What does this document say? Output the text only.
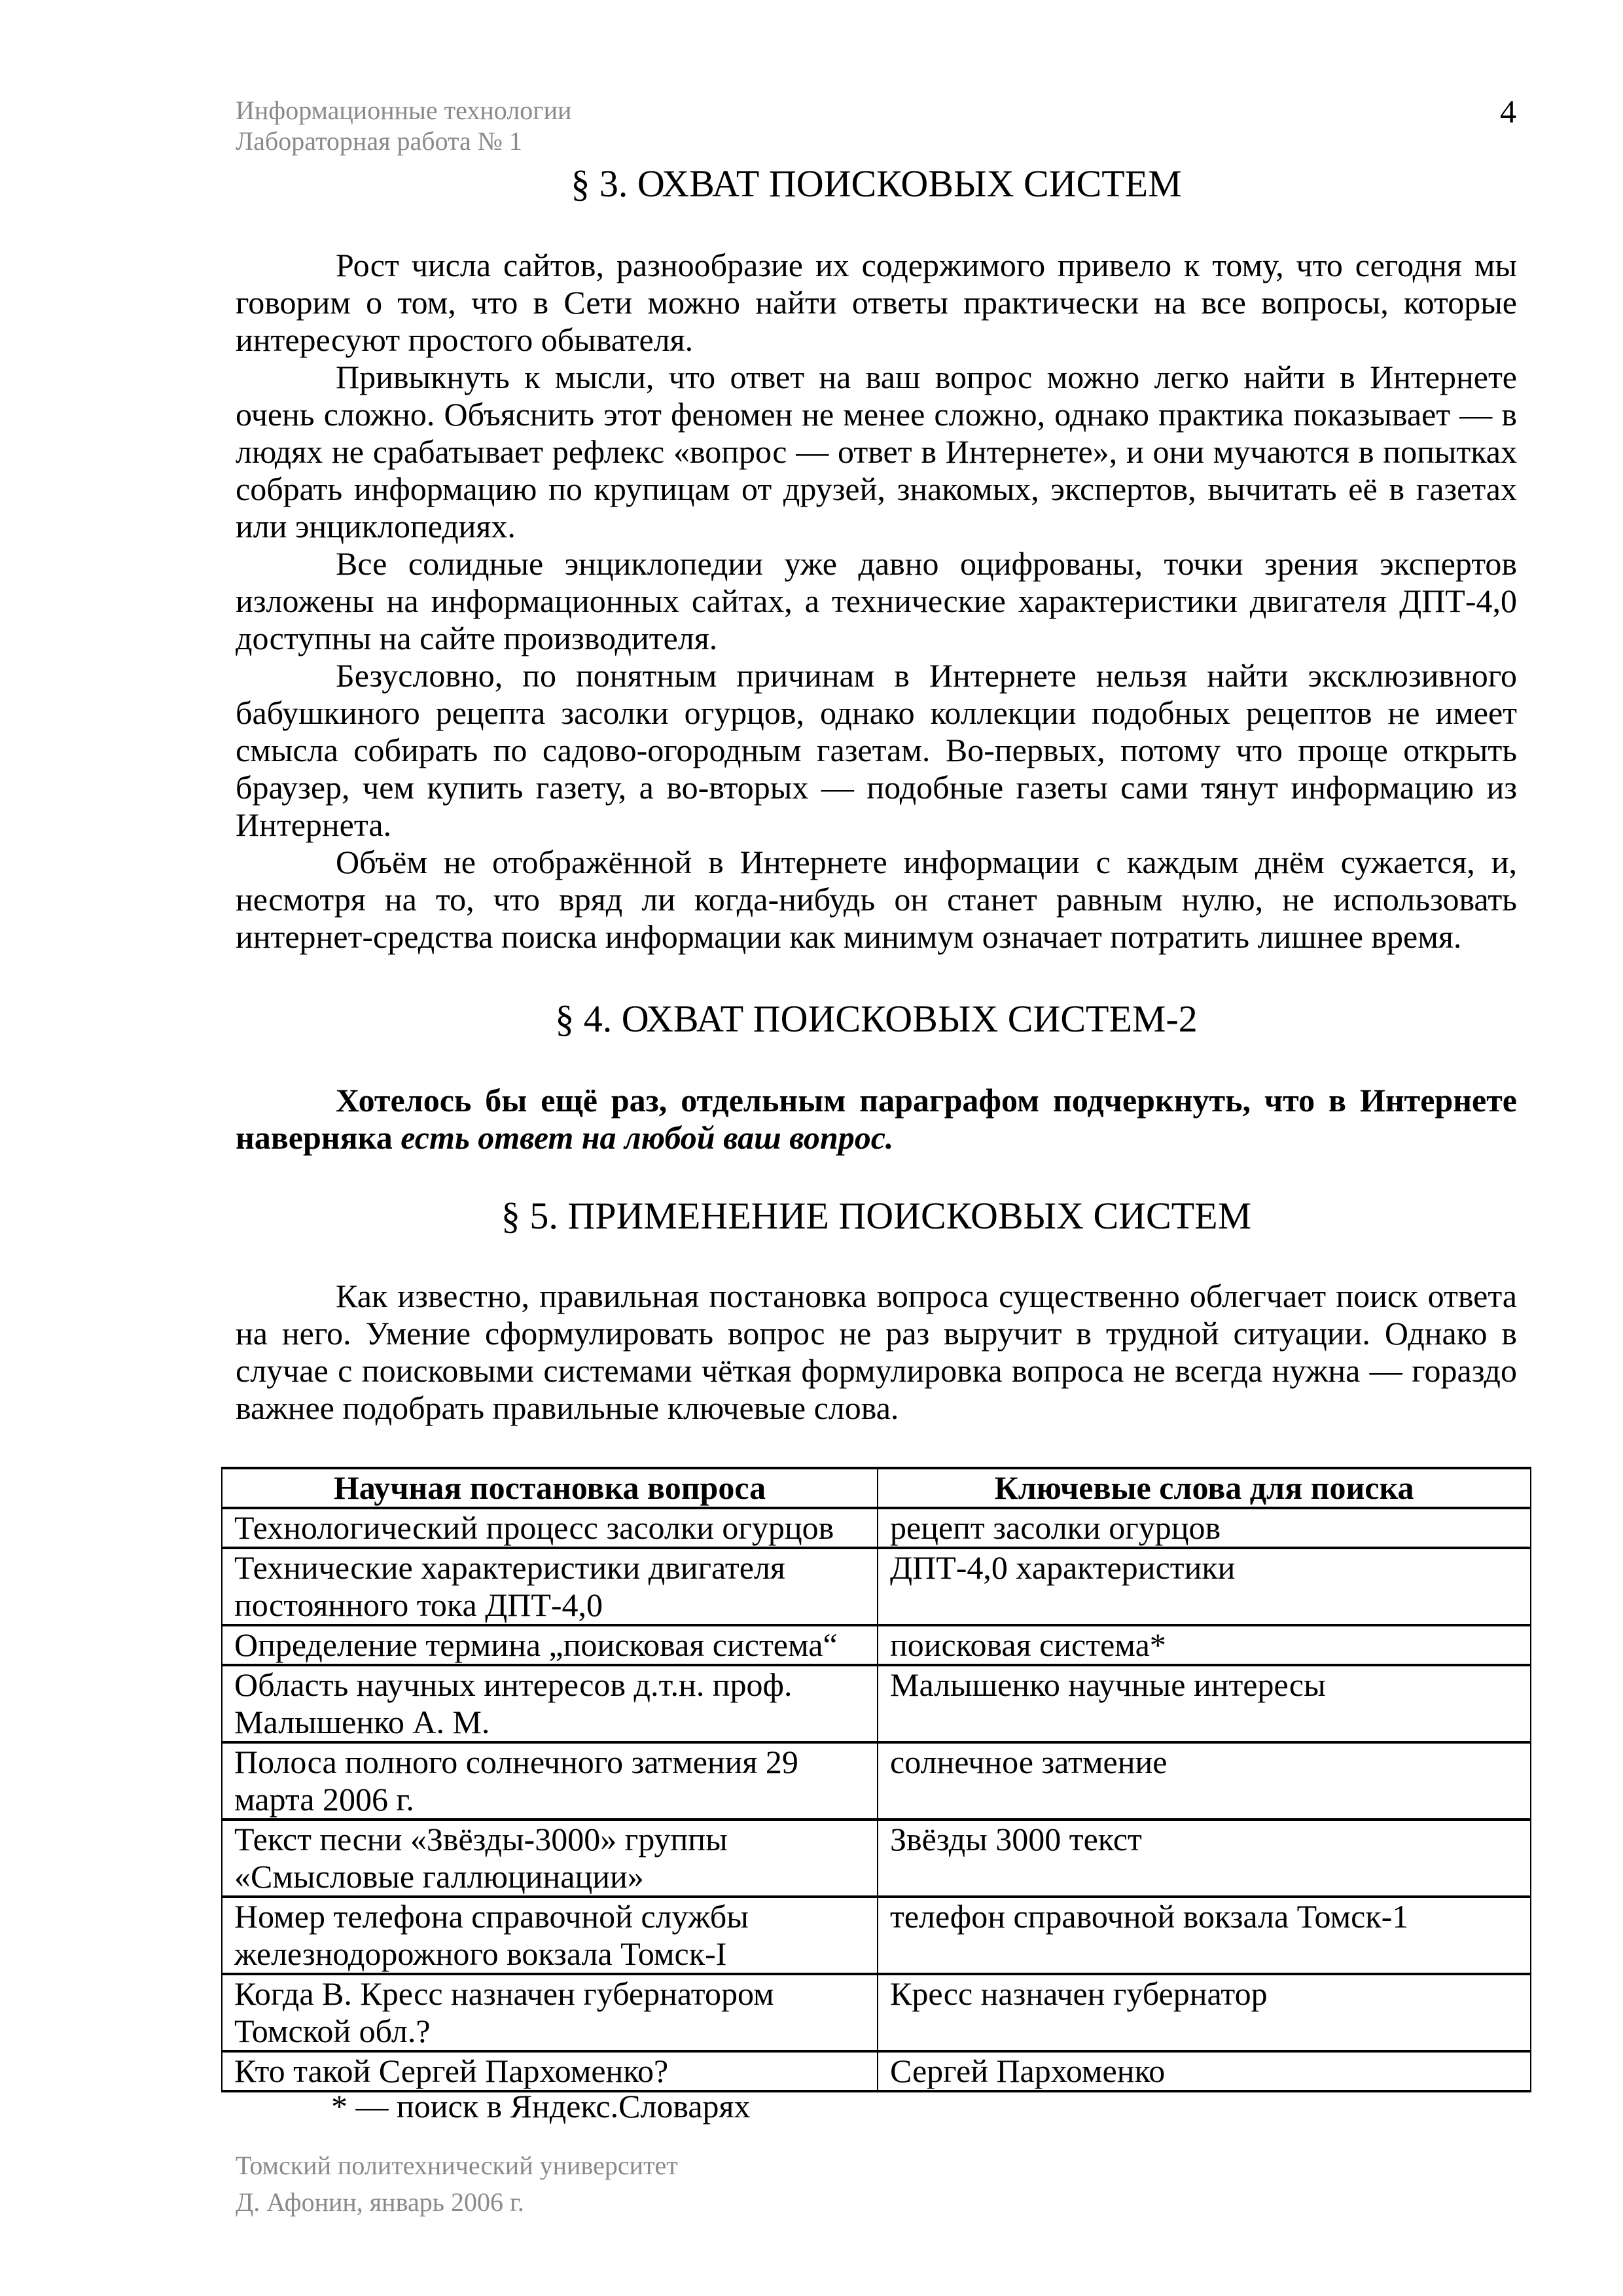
Информационные технологии
Лабораторная работа № 1
4
§ 3. ОХВАТ ПОИСКОВЫХ СИСТЕМ

Рост числа сайтов, разнообразие их содержимого привело к тому, что сегодня мы говорим о том, что в Сети можно найти ответы практически на все вопросы, которые интересуют простого обывателя.

Привыкнуть к мысли, что ответ на ваш вопрос можно легко найти в Интернете очень сложно. Объяснить этот феномен не менее сложно, однако практика показывает — в людях не срабатывает рефлекс «вопрос — ответ в Интернете», и они мучаются в попытках собрать информацию по крупицам от друзей, знакомых, экспертов, вычитать её в газетах или энциклопедиях.

Все солидные энциклопедии уже давно оцифрованы, точки зрения экспертов изложены на информационных сайтах, а технические характеристики двигателя ДПТ-4,0 доступны на сайте производителя.

Безусловно, по понятным причинам в Интернете нельзя найти эксклюзивного бабушкиного рецепта засолки огурцов, однако коллекции подобных рецептов не имеет смысла собирать по садово-огородным газетам. Во-первых, потому что проще открыть браузер, чем купить газету, а во-вторых — подобные газеты сами тянут информацию из Интернета.

Объём не отображённой в Интернете информации с каждым днём сужается, и, несмотря на то, что вряд ли когда-нибудь он станет равным нулю, не использовать интернет-средства поиска информации как минимум означает потратить лишнее время.

§ 4. ОХВАТ ПОИСКОВЫХ СИСТЕМ-2

Хотелось бы ещё раз, отдельным параграфом подчеркнуть, что в Интернете наверняка есть ответ на любой ваш вопрос.

§ 5. ПРИМЕНЕНИЕ ПОИСКОВЫХ СИСТЕМ

Как известно, правильная постановка вопроса существенно облегчает поиск ответа на него. Умение сформулировать вопрос не раз выручит в трудной ситуации. Однако в случае с поисковыми системами чёткая формулировка вопроса не всегда нужна — гораздо важнее подобрать правильные ключевые слова.

Научная постановка вопроса	Ключевые слова для поиска
Технологический процесс засолки огурцов	рецепт засолки огурцов
Технические характеристики двигателя постоянного тока ДПТ-4,0	ДПТ-4,0 характеристики
Определение термина „поисковая система“	поисковая система*
Область научных интересов д.т.н. проф. Малышенко А. М.	Малышенко научные интересы
Полоса полного солнечного затмения 29 марта 2006 г.	солнечное затмение
Текст песни «Звёзды-3000» группы «Смысловые галлюцинации»	Звёзды 3000 текст
Номер телефона справочной службы железнодорожного вокзала Томск-I	телефон справочной вокзала Томск-1
Когда В. Кресс назначен губернатором Томской обл.?	Кресс назначен губернатор
Кто такой Сергей Пархоменко?	Сергей Пархоменко
* — поиск в Яндекс.Словарях
Томский политехнический университет
Д. Афонин, январь 2006 г.
